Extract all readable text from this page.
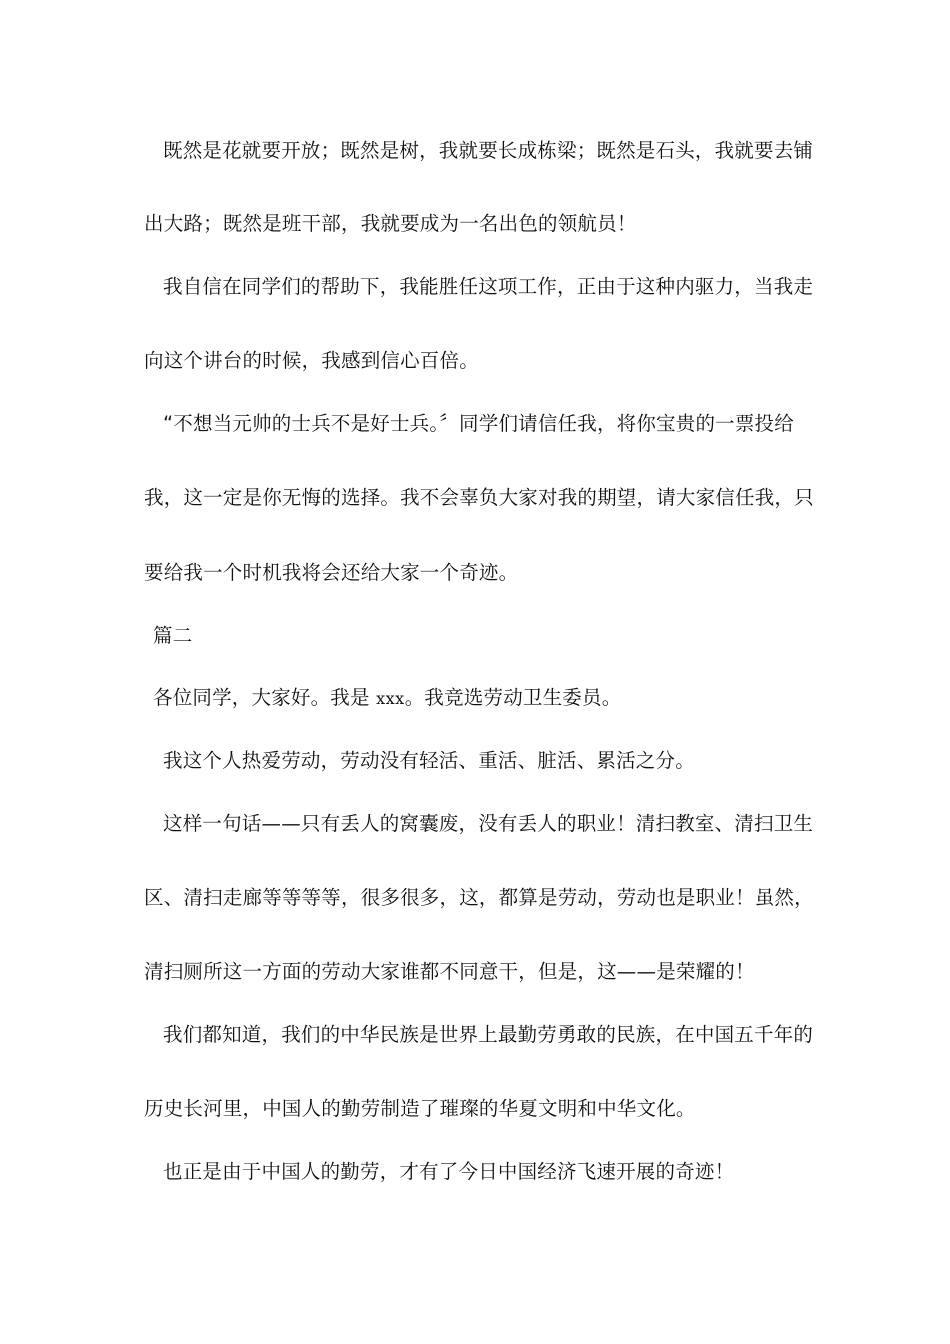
既然是花就要开放；既然是树，我就要长成栋梁；既然是石头，我就要去铺
出大路；既然是班干部，我就要成为一名出色的领航员！
我自信在同学们的帮助下，我能胜任这项工作，正由于这种内驱力，当我走
向这个讲台的时候，我感到信心百倍。
“不想当元帅的士兵不是好士兵。〞同学们请信任我，将你宝贵的一票投给
我，这一定是你无悔的选择。我不会辜负大家对我的期望，请大家信任我，只
要给我一个时机我将会还给大家一个奇迹。
篇二
各位同学，大家好。我是 xxx。我竞选劳动卫生委员。
我这个人热爱劳动，劳动没有轻活、重活、脏活、累活之分。
这样一句话——只有丢人的窝囊废，没有丢人的职业！清扫教室、清扫卫生
区、清扫走廊等等等等，很多很多，这，都算是劳动，劳动也是职业！虽然，
清扫厕所这一方面的劳动大家谁都不同意干，但是，这——是荣耀的！
我们都知道，我们的中华民族是世界上最勤劳勇敢的民族，在中国五千年的
历史长河里，中国人的勤劳制造了璀璨的华夏文明和中华文化。
也正是由于中国人的勤劳，才有了今日中国经济飞速开展的奇迹！
